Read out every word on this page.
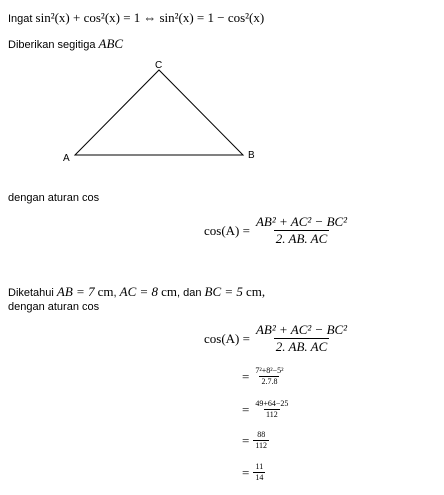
Ingat sin²(x) + cos²(x) = 1 ⇔ sin²(x) = 1 − cos²(x)
Diberikan segitiga ABC
C
A	B
dengan aturan cos
$\cos(A) = \frac{\text{AB² + AC² − BC²}}{2. AB. AC}$
Diketahui AB = 7 cm, AC = 8 cm, dan BC = 5 cm,
dengan aturan cos
$\cos(A) = \frac{\text{AB² + AC² − BC²}}{2. AB. AC}$
= $\frac{\text{7²+8²−5²}}{2.7.8}$
= $\frac{49+64-25}{112}$
= $\frac{88}{112}$
= $\frac{11}{14}$
